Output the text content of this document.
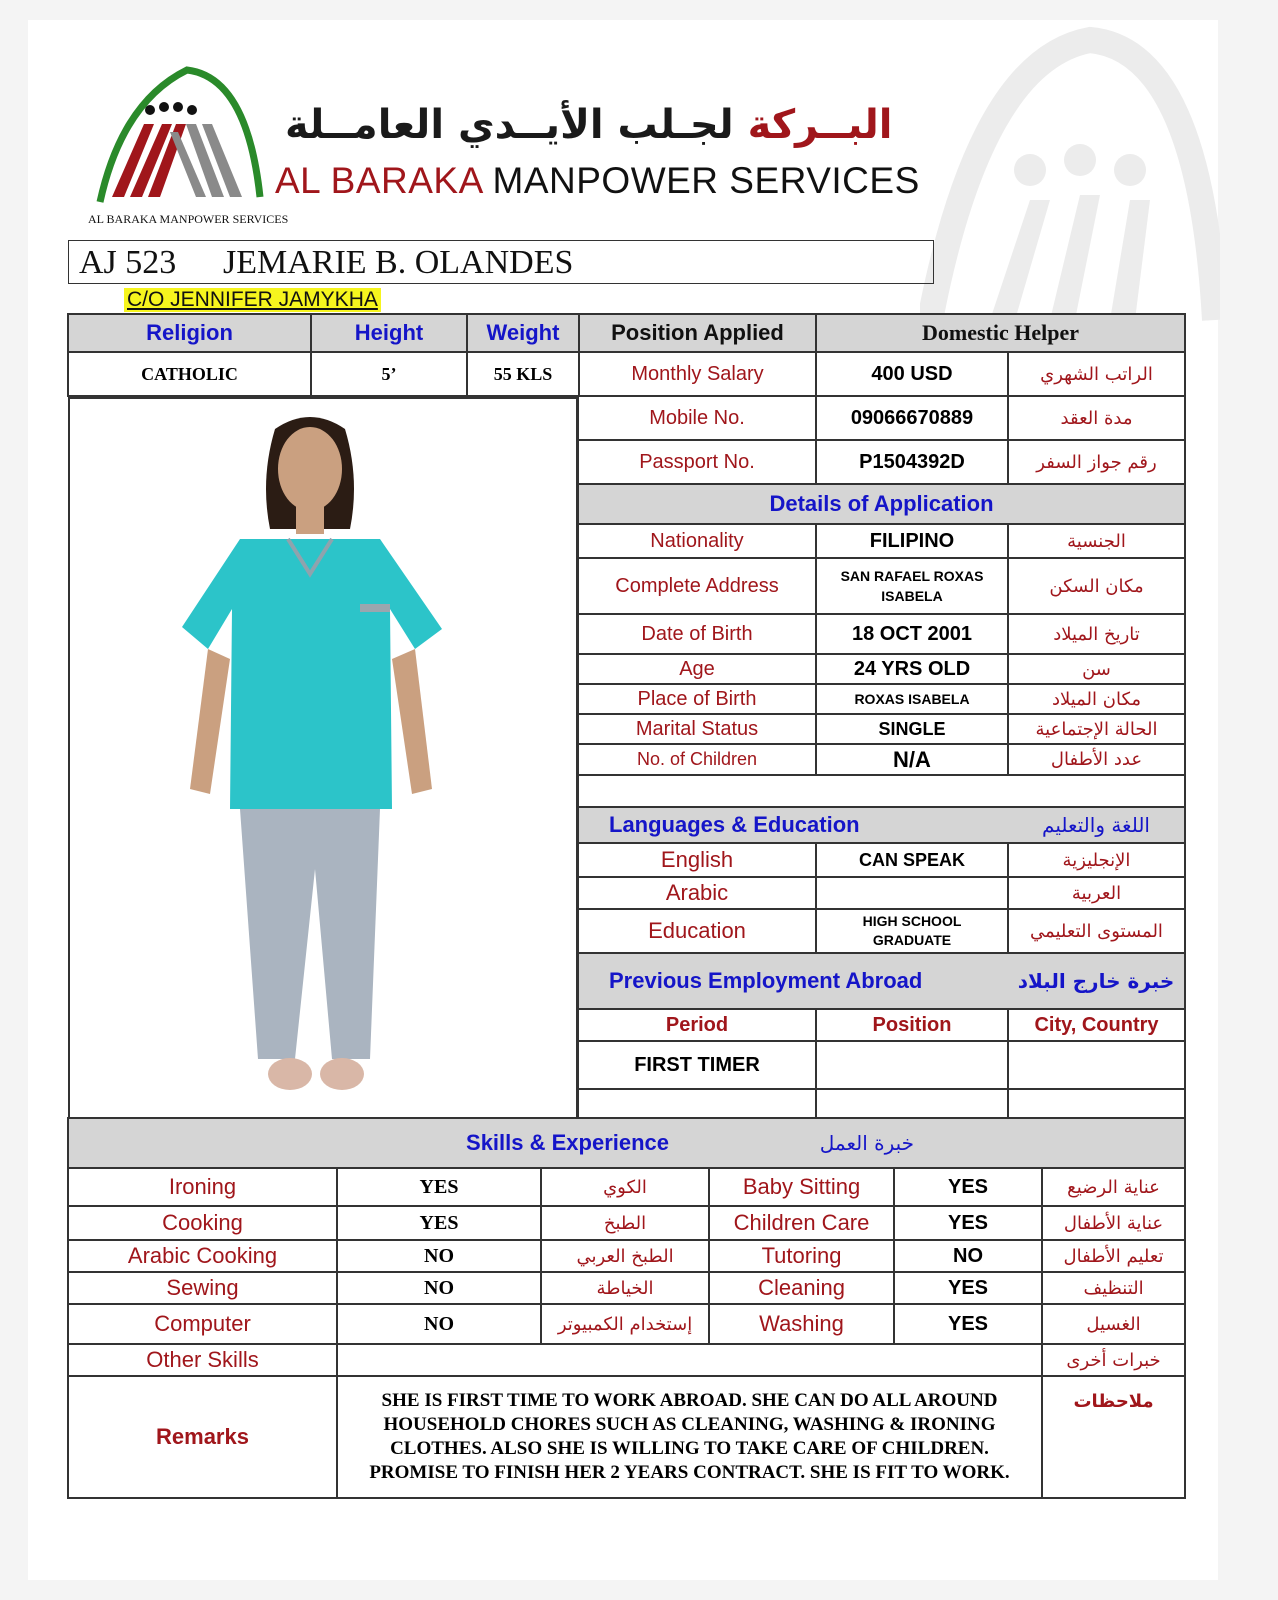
البــركة لجـلب الأيــدي العامــلة
AL BARAKA MANPOWER SERVICES
AL BARAKA MANPOWER SERVICES
AJ 523 JEMARIE B. OLANDES
C/O JENNIFER JAMYKHA
Religion	Height	Weight	Position Applied	Domestic Helper	
CATHOLIC	5’	55 KLS	Monthly Salary	400 USD	الراتب الشهري
Mobile No.	09066670889	مدة العقد
Passport No.	P1504392D	رقم جواز السفر
Details of Application		
Nationality	FILIPINO	الجنسية
Complete Address	SAN RAFAEL ROXAS ISABELA	مكان السكن
Date of Birth	18 OCT 2001	تاريخ الميلاد
Age	24 YRS OLD	سن
Place of Birth	ROXAS ISABELA	مكان الميلاد
Marital Status	SINGLE	الحالة الإجتماعية
No. of Children	N/A	عدد الأطفال

Languages & Education		اللغة والتعليم
English	CAN SPEAK	الإنجليزية
Arabic		العربية
Education	HIGH SCHOOL GRADUATE	المستوى التعليمي
Previous Employment Abroad		خبرة خارج البلاد
Period	Position	City, Country
FIRST TIMER		

Skills & Experience			خبرة العمل		
Ironing	YES	الكوي	Baby Sitting	YES	عناية الرضيع
Cooking	YES	الطبخ	Children Care	YES	عناية الأطفال
Arabic Cooking	NO	الطبخ العربي	Tutoring	NO	تعليم الأطفال
Sewing	NO	الخياطة	Cleaning	YES	التنظيف
Computer	NO	إستخدام الكمبيوتر	Washing	YES	الغسيل
Other Skills					خبرات أخرى
Remarks	SHE IS FIRST TIME TO WORK ABROAD. SHE CAN DO ALL AROUND HOUSEHOLD CHORES SUCH AS CLEANING, WASHING & IRONING CLOTHES. ALSO SHE IS WILLING TO TAKE CARE OF CHILDREN. PROMISE TO FINISH HER 2 YEARS CONTRACT. SHE IS FIT TO WORK.				ملاحظات
